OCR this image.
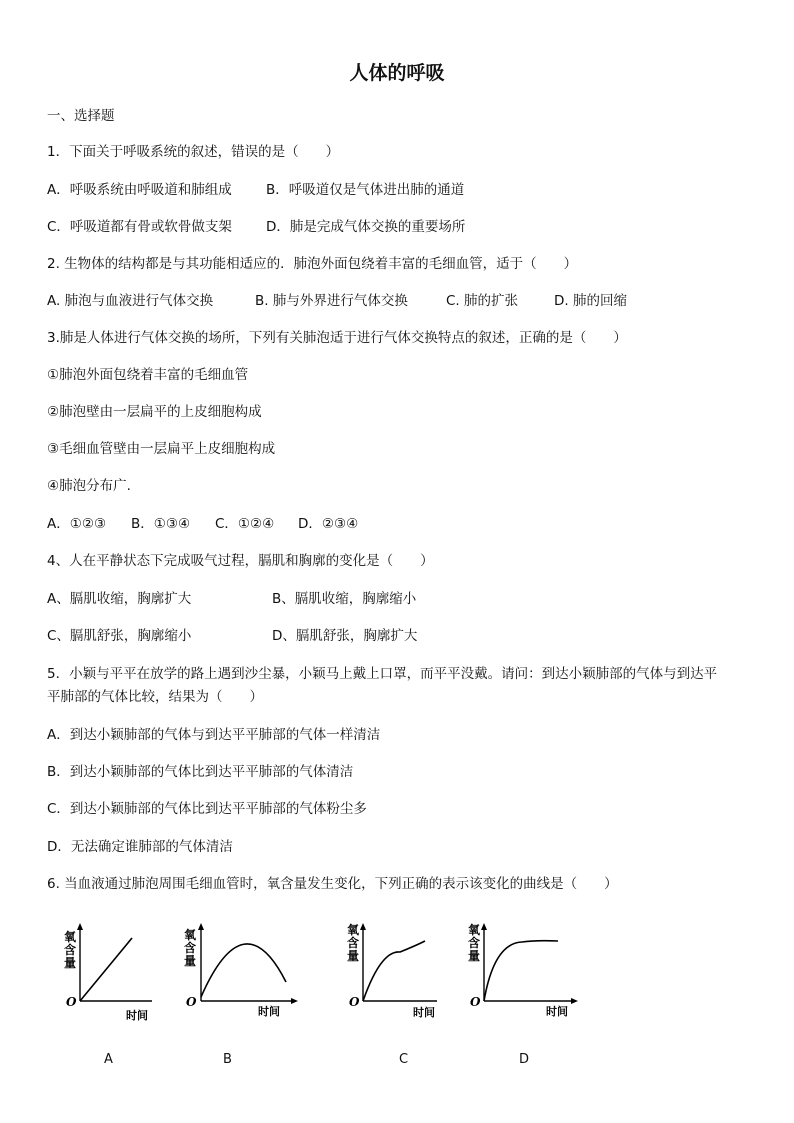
人体的呼吸
一、选择题
1．下面关于呼吸系统的叙述，错误的是（　　）
A．呼吸系统由呼吸道和肺组成	B．呼吸道仅是气体进出肺的通道
C．呼吸道都有骨或软骨做支架	D．肺是完成气体交换的重要场所
2. 生物体的结构都是与其功能相适应的．肺泡外面包绕着丰富的毛细血管，适于（　　）
A. 肺泡与血液进行气体交换	B. 肺与外界进行气体交换	C. 肺的扩张	D. 肺的回缩
3.肺是人体进行气体交换的场所，下列有关肺泡适于进行气体交换特点的叙述，正确的是（　　）
①肺泡外面包绕着丰富的毛细血管
②肺泡壁由一层扁平的上皮细胞构成
③毛细血管壁由一层扁平上皮细胞构成
④肺泡分布广.
A．①②③ B．①③④ C．①②④ D．②③④
4、人在平静状态下完成吸气过程，膈肌和胸廓的变化是（　　）
A、膈肌收缩，胸廓扩大	B、膈肌收缩，胸廓缩小
C、膈肌舒张，胸廓缩小	D、膈肌舒张，胸廓扩大
5．小颖与平平在放学的路上遇到沙尘暴，小颖马上戴上口罩，而平平没戴。请问：到达小颖肺部的气体与到达平
平肺部的气体比较，结果为（　　）
A．到达小颖肺部的气体与到达平平肺部的气体一样清洁
B．到达小颖肺部的气体比到达平平肺部的气体清洁
C．到达小颖肺部的气体比到达平平肺部的气体粉尘多
D．无法确定谁肺部的气体清洁
6. 当血液通过肺泡周围毛细血管时，氧含量发生变化，下列正确的表示该变化的曲线是（　　）
氧
含
量
O
时间
氧
含
量
O
时间
氧
含
量
O
时间
氧
含
量
O
时间
A	B	C	D
